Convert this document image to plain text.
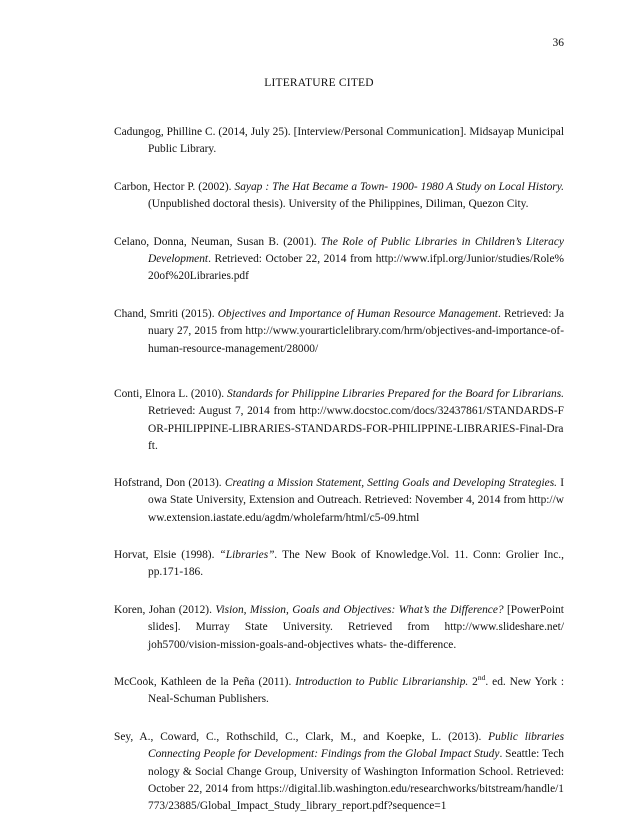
36
LITERATURE CITED
Cadungog, Philline C. (2014, July 25). [Interview/Personal Communication]. Midsayap Municipal Public Library.
Carbon, Hector P. (2002). Sayap : The Hat Became a Town- 1900- 1980 A Study on Local History. (Unpublished doctoral thesis). University of the Philippines, Diliman, Quezon City.
Celano, Donna, Neuman, Susan B. (2001). The Role of Public Libraries in Children’s Literacy Development. Retrieved: October 22, 2014 from http://www.ifpl.org/Junior/studies/Role%20of%20Libraries.pdf
Chand, Smriti (2015). Objectives and Importance of Human Resource Management. Retrieved: January 27, 2015 from http://www.yourarticlelibrary.com/hrm/objectives-and-importance-of-human-resource-management/28000/
Conti, Elnora L. (2010). Standards for Philippine Libraries Prepared for the Board for Librarians. Retrieved: August 7, 2014 from http://www.docstoc.com/docs/32437861/STANDARDS-FOR-PHILIPPINE-LIBRARIES-STANDARDS-FOR-PHILIPPINE-LIBRARIES-Final-Draft.
Hofstrand, Don (2013). Creating a Mission Statement, Setting Goals and Developing Strategies. Iowa State University, Extension and Outreach. Retrieved: November 4, 2014 from http://www.extension.iastate.edu/agdm/wholefarm/html/c5-09.html
Horvat, Elsie (1998). “Libraries”. The New Book of Knowledge.Vol. 11. Conn: Grolier Inc., pp.171-186.
Koren, Johan (2012). Vision, Mission, Goals and Objectives: What’s the Difference? [PowerPoint slides]. Murray State University. Retrieved from http://www.slideshare.net/ joh5700/vision-mission-goals-and-objectives whats- the-difference.
McCook, Kathleen de la Peña (2011). Introduction to Public Librarianship. 2nd. ed. New York : Neal-Schuman Publishers.
Sey, A., Coward, C., Rothschild, C., Clark, M., and Koepke, L. (2013). Public libraries Connecting People for Development: Findings from the Global Impact Study. Seattle: Technology & Social Change Group, University of Washington Information School. Retrieved: October 22, 2014 from https://digital.lib.washington.edu/researchworks/bitstream/handle/1773/23885/Global_Impact_Study_library_report.pdf?sequence=1
